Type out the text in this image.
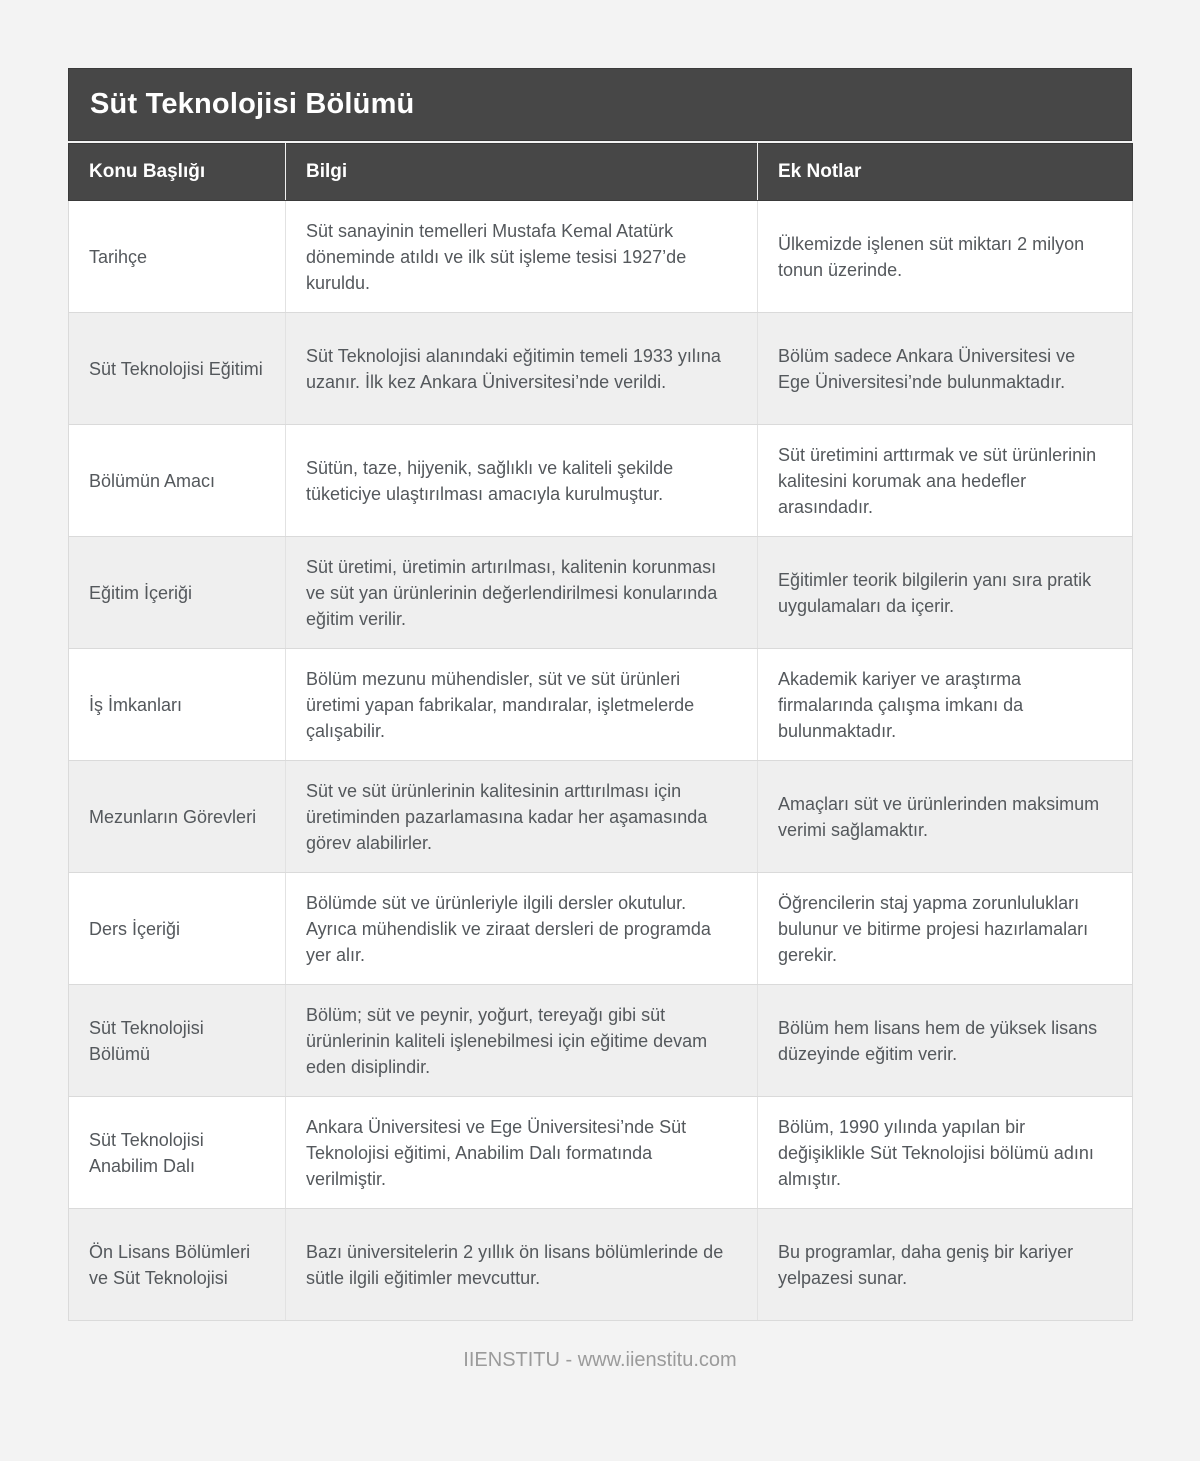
Süt Teknolojisi Bölümü
Konu Başlığı	Bilgi	Ek Notlar
Tarihçe	Süt sanayinin temelleri Mustafa Kemal Atatürk döneminde atıldı ve ilk süt işleme tesisi 1927’de kuruldu.	Ülkemizde işlenen süt miktarı 2 milyon tonun üzerinde.
Süt Teknolojisi Eğitimi	Süt Teknolojisi alanındaki eğitimin temeli 1933 yılına uzanır. İlk kez Ankara Üniversitesi’nde verildi.	Bölüm sadece Ankara Üniversitesi ve Ege Üniversitesi’nde bulunmaktadır.
Bölümün Amacı	Sütün, taze, hijyenik, sağlıklı ve kaliteli şekilde tüketiciye ulaştırılması amacıyla kurulmuştur.	Süt üretimini arttırmak ve süt ürünlerinin kalitesini korumak ana hedefler arasındadır.
Eğitim İçeriği	Süt üretimi, üretimin artırılması, kalitenin korunması ve süt yan ürünlerinin değerlendirilmesi konularında eğitim verilir.	Eğitimler teorik bilgilerin yanı sıra pratik uygulamaları da içerir.
İş İmkanları	Bölüm mezunu mühendisler, süt ve süt ürünleri üretimi yapan fabrikalar, mandıralar, işletmelerde çalışabilir.	Akademik kariyer ve araştırma firmalarında çalışma imkanı da bulunmaktadır.
Mezunların Görevleri	Süt ve süt ürünlerinin kalitesinin arttırılması için üretiminden pazarlamasına kadar her aşamasında görev alabilirler.	Amaçları süt ve ürünlerinden maksimum verimi sağlamaktır.
Ders İçeriği	Bölümde süt ve ürünleriyle ilgili dersler okutulur. Ayrıca mühendislik ve ziraat dersleri de programda yer alır.	Öğrencilerin staj yapma zorunlulukları bulunur ve bitirme projesi hazırlamaları gerekir.
Süt Teknolojisi Bölümü	Bölüm; süt ve peynir, yoğurt, tereyağı gibi süt ürünlerinin kaliteli işlenebilmesi için eğitime devam eden disiplindir.	Bölüm hem lisans hem de yüksek lisans düzeyinde eğitim verir.
Süt Teknolojisi Anabilim Dalı	Ankara Üniversitesi ve Ege Üniversitesi’nde Süt Teknolojisi eğitimi, Anabilim Dalı formatında verilmiştir.	Bölüm, 1990 yılında yapılan bir değişiklikle Süt Teknolojisi bölümü adını almıştır.
Ön Lisans Bölümleri ve Süt Teknolojisi	Bazı üniversitelerin 2 yıllık ön lisans bölümlerinde de sütle ilgili eğitimler mevcuttur.	Bu programlar, daha geniş bir kariyer yelpazesi sunar.
IIENSTITU - www.iienstitu.com
